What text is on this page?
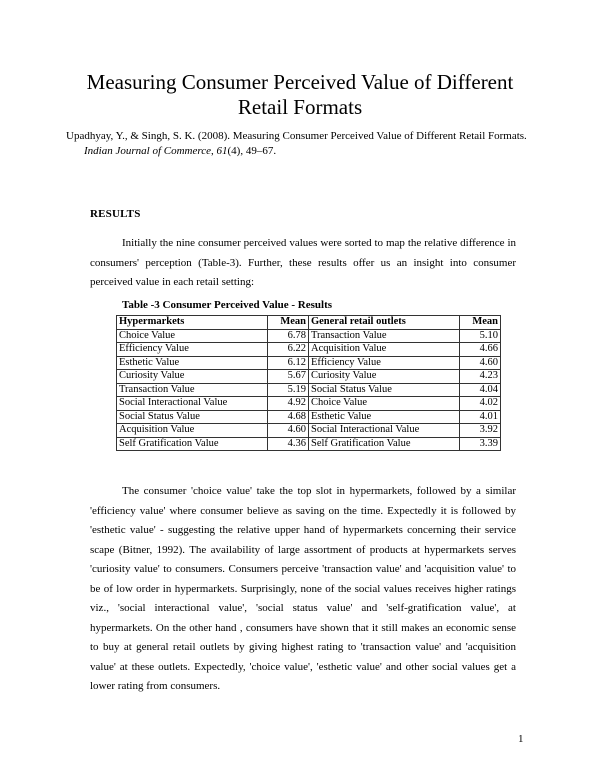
Measuring Consumer Perceived Value of Different Retail Formats
Upadhyay, Y., & Singh, S. K. (2008). Measuring Consumer Perceived Value of Different Retail Formats. Indian Journal of Commerce, 61(4), 49–67.
RESULTS

Initially the nine consumer perceived values were sorted to map the relative difference in consumers' perception (Table-3). Further, these results offer us an insight into consumer perceived value in each retail setting:

Table -3 Consumer Perceived Value - Results
Hypermarkets	Mean	General retail outlets	Mean
Choice Value	6.78	Transaction Value	5.10
Efficiency Value	6.22	Acquisition Value	4.66
Esthetic Value	6.12	Efficiency Value	4.60
Curiosity Value	5.67	Curiosity Value	4.23
Transaction Value	5.19	Social Status Value	4.04
Social Interactional Value	4.92	Choice Value	4.02
Social Status Value	4.68	Esthetic Value	4.01
Acquisition Value	4.60	Social Interactional Value	3.92
Self Gratification Value	4.36	Self Gratification Value	3.39

The consumer 'choice value' take the top slot in hypermarkets, followed by a similar 'efficiency value' where consumer believe as saving on the time. Expectedly it is followed by 'esthetic value' - suggesting the relative upper hand of hypermarkets concerning their service scape (Bitner, 1992). The availability of large assortment of products at hypermarkets serves 'curiosity value' to consumers. Consumers perceive 'transaction value' and 'acquisition value' to be of low order in hypermarkets. Surprisingly, none of the social values receives higher ratings viz., 'social interactional value', 'social status value' and 'self-gratification value', at hypermarkets. On the other hand , consumers have shown that it still makes an economic sense to buy at general retail outlets by giving highest rating to 'transaction value' and 'acquisition value' at these outlets. Expectedly, 'choice value', 'esthetic value' and other social values get a lower rating from consumers.

1
